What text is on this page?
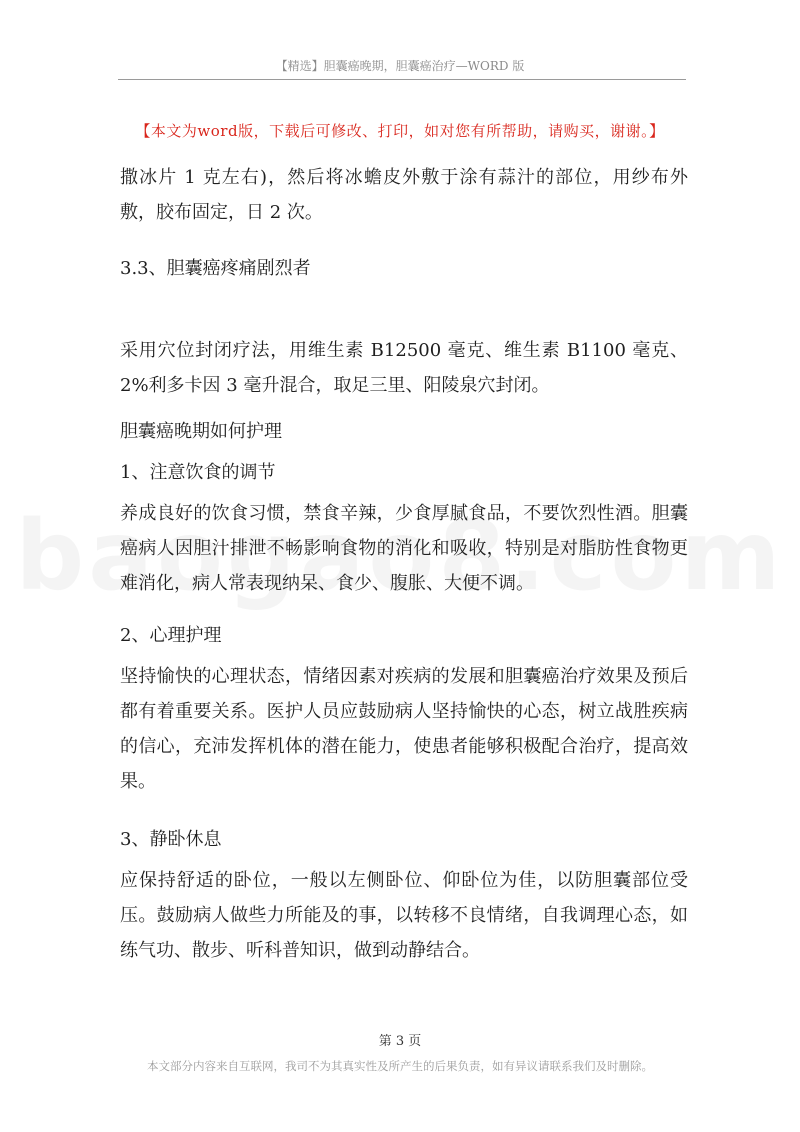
【精选】胆囊癌晚期，胆囊癌治疗—WORD 版
【本文为word版，下载后可修改、打印，如对您有所帮助，请购买，谢谢。】

撒冰片 1 克左右)，然后将冰蟾皮外敷于涂有蒜汁的部位，用纱布外敷，胶布固定，日 2 次。

3.3、胆囊癌疼痛剧烈者

采用穴位封闭疗法，用维生素 B12500 毫克、维生素 B1100 毫克、2%利多卡因 3 毫升混合，取足三里、阳陵泉穴封闭。

胆囊癌晚期如何护理

1、注意饮食的调节

养成良好的饮食习惯，禁食辛辣，少食厚腻食品，不要饮烈性酒。胆囊癌病人因胆汁排泄不畅影响食物的消化和吸收，特别是对脂肪性食物更难消化，病人常表现纳呆、食少、腹胀、大便不调。

2、心理护理

坚持愉快的心理状态，情绪因素对疾病的发展和胆囊癌治疗效果及预后都有着重要关系。医护人员应鼓励病人坚持愉快的心态，树立战胜疾病的信心，充沛发挥机体的潜在能力，使患者能够积极配合治疗，提高效果。

3、静卧休息

应保持舒适的卧位，一般以左侧卧位、仰卧位为佳，以防胆囊部位受压。鼓励病人做些力所能及的事，以转移不良情绪，自我调理心态，如练气功、散步、听科普知识，做到动静结合。

第 3 页
本文部分内容来自互联网，我司不为其真实性及所产生的后果负责，如有异议请联系我们及时删除。
